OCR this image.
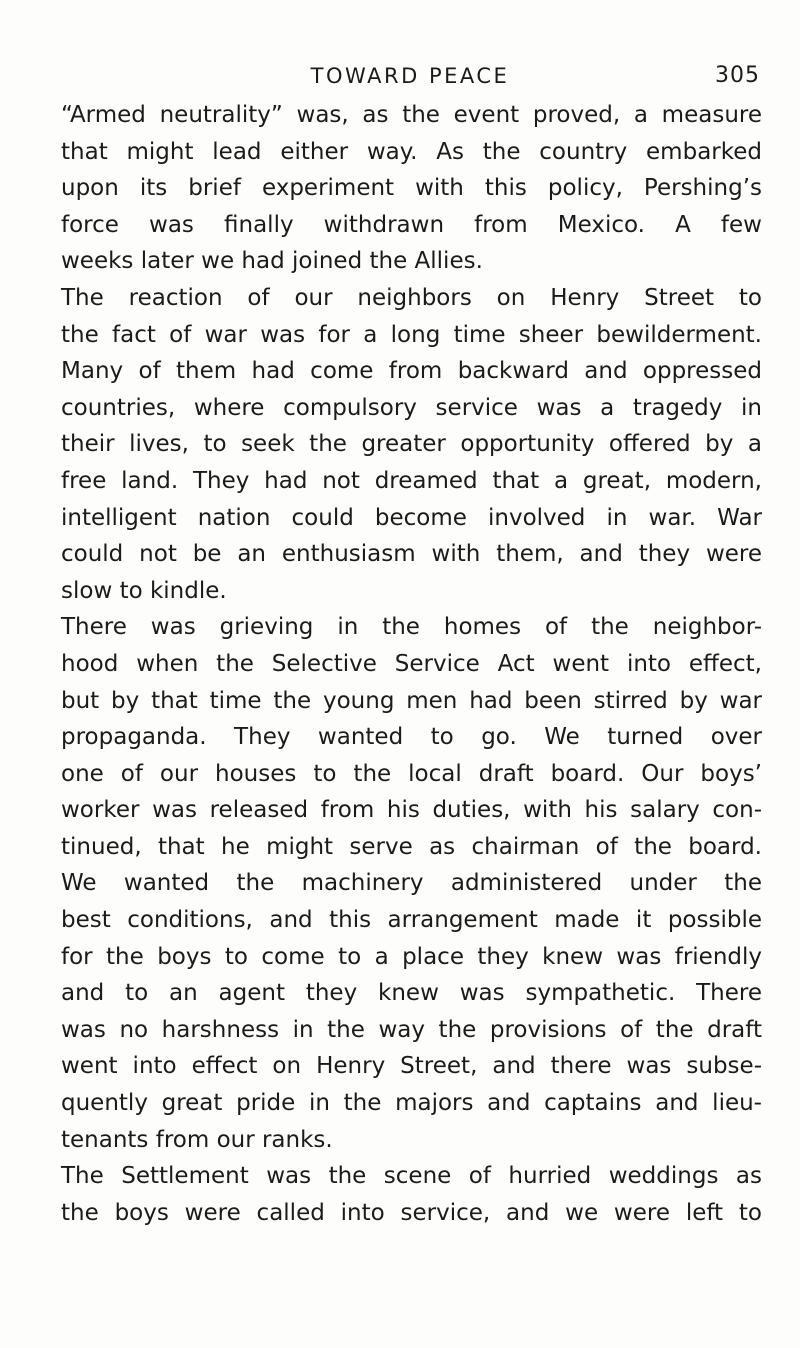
TOWARD PEACE	305
“Armed neutrality” was, as the event proved, a measure
that might lead either way. As the country embarked
upon its brief experiment with this policy, Pershing’s
force was finally withdrawn from Mexico. A few
weeks later we had joined the Allies.
The reaction of our neighbors on Henry Street to
the fact of war was for a long time sheer bewilderment.
Many of them had come from backward and oppressed
countries, where compulsory service was a tragedy in
their lives, to seek the greater opportunity offered by a
free land. They had not dreamed that a great, modern,
intelligent nation could become involved in war. War
could not be an enthusiasm with them, and they were
slow to kindle.
There was grieving in the homes of the neighbor-
hood when the Selective Service Act went into effect,
but by that time the young men had been stirred by war
propaganda. They wanted to go. We turned over
one of our houses to the local draft board. Our boys’
worker was released from his duties, with his salary con-
tinued, that he might serve as chairman of the board.
We wanted the machinery administered under the
best conditions, and this arrangement made it possible
for the boys to come to a place they knew was friendly
and to an agent they knew was sympathetic. There
was no harshness in the way the provisions of the draft
went into effect on Henry Street, and there was subse-
quently great pride in the majors and captains and lieu-
tenants from our ranks.
The Settlement was the scene of hurried weddings as
the boys were called into service, and we were left to
